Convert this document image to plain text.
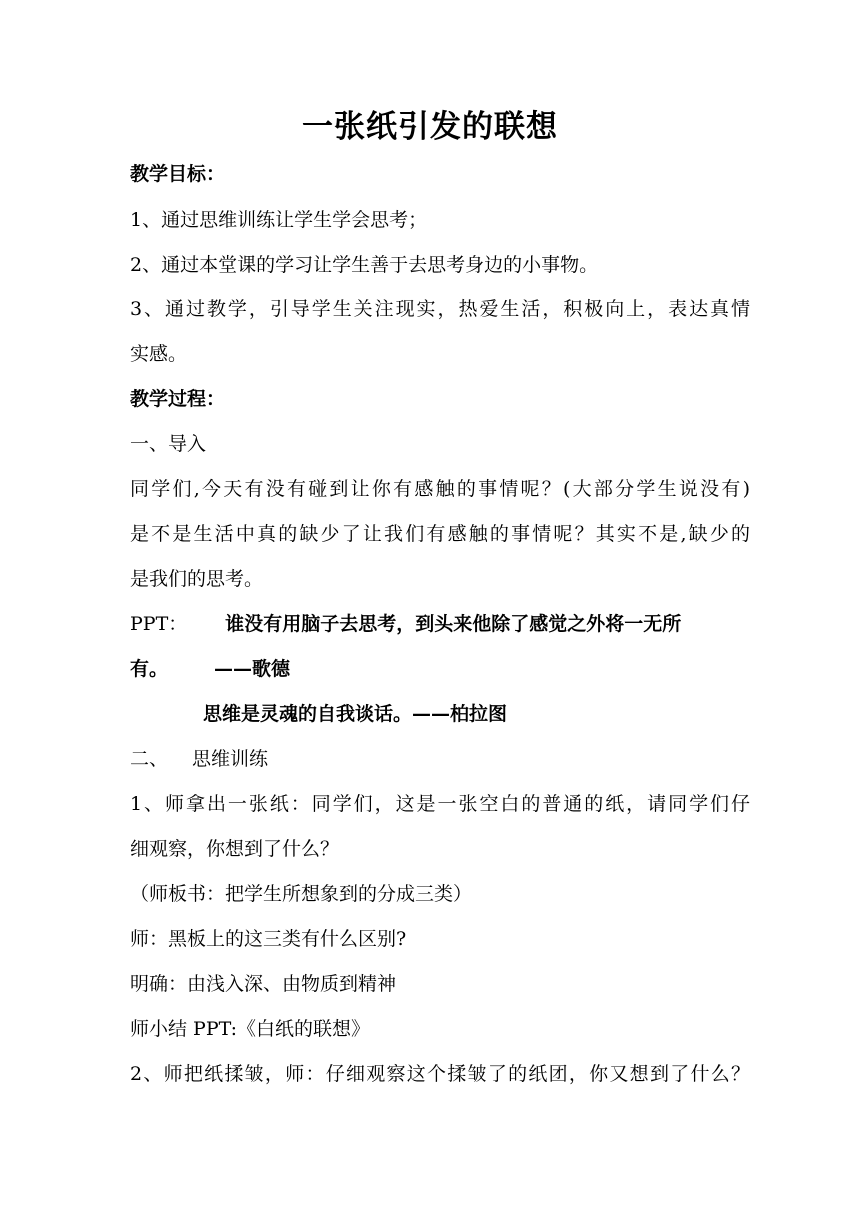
一张纸引发的联想
教学目标：
1、通过思维训练让学生学会思考；
2、通过本堂课的学习让学生善于去思考身边的小事物。
3、通过教学，引导学生关注现实，热爱生活，积极向上，表达真情
实感。
教学过程：
一、导入
同学们,今天有没有碰到让你有感触的事情呢？(大部分学生说没有)
是不是生活中真的缺少了让我们有感触的事情呢？其实不是,缺少的
是我们的思考。
PPT： 谁没有用脑子去思考，到头来他除了感觉之外将一无所
有。 ——歌德
思维是灵魂的自我谈话。——柏拉图
二、 思维训练
1、师拿出一张纸：同学们，这是一张空白的普通的纸，请同学们仔
细观察，你想到了什么？
（师板书：把学生所想象到的分成三类）
师：黑板上的这三类有什么区别?
明确：由浅入深、由物质到精神
师小结 PPT:《白纸的联想》
2、师把纸揉皱，师：仔细观察这个揉皱了的纸团，你又想到了什么？
